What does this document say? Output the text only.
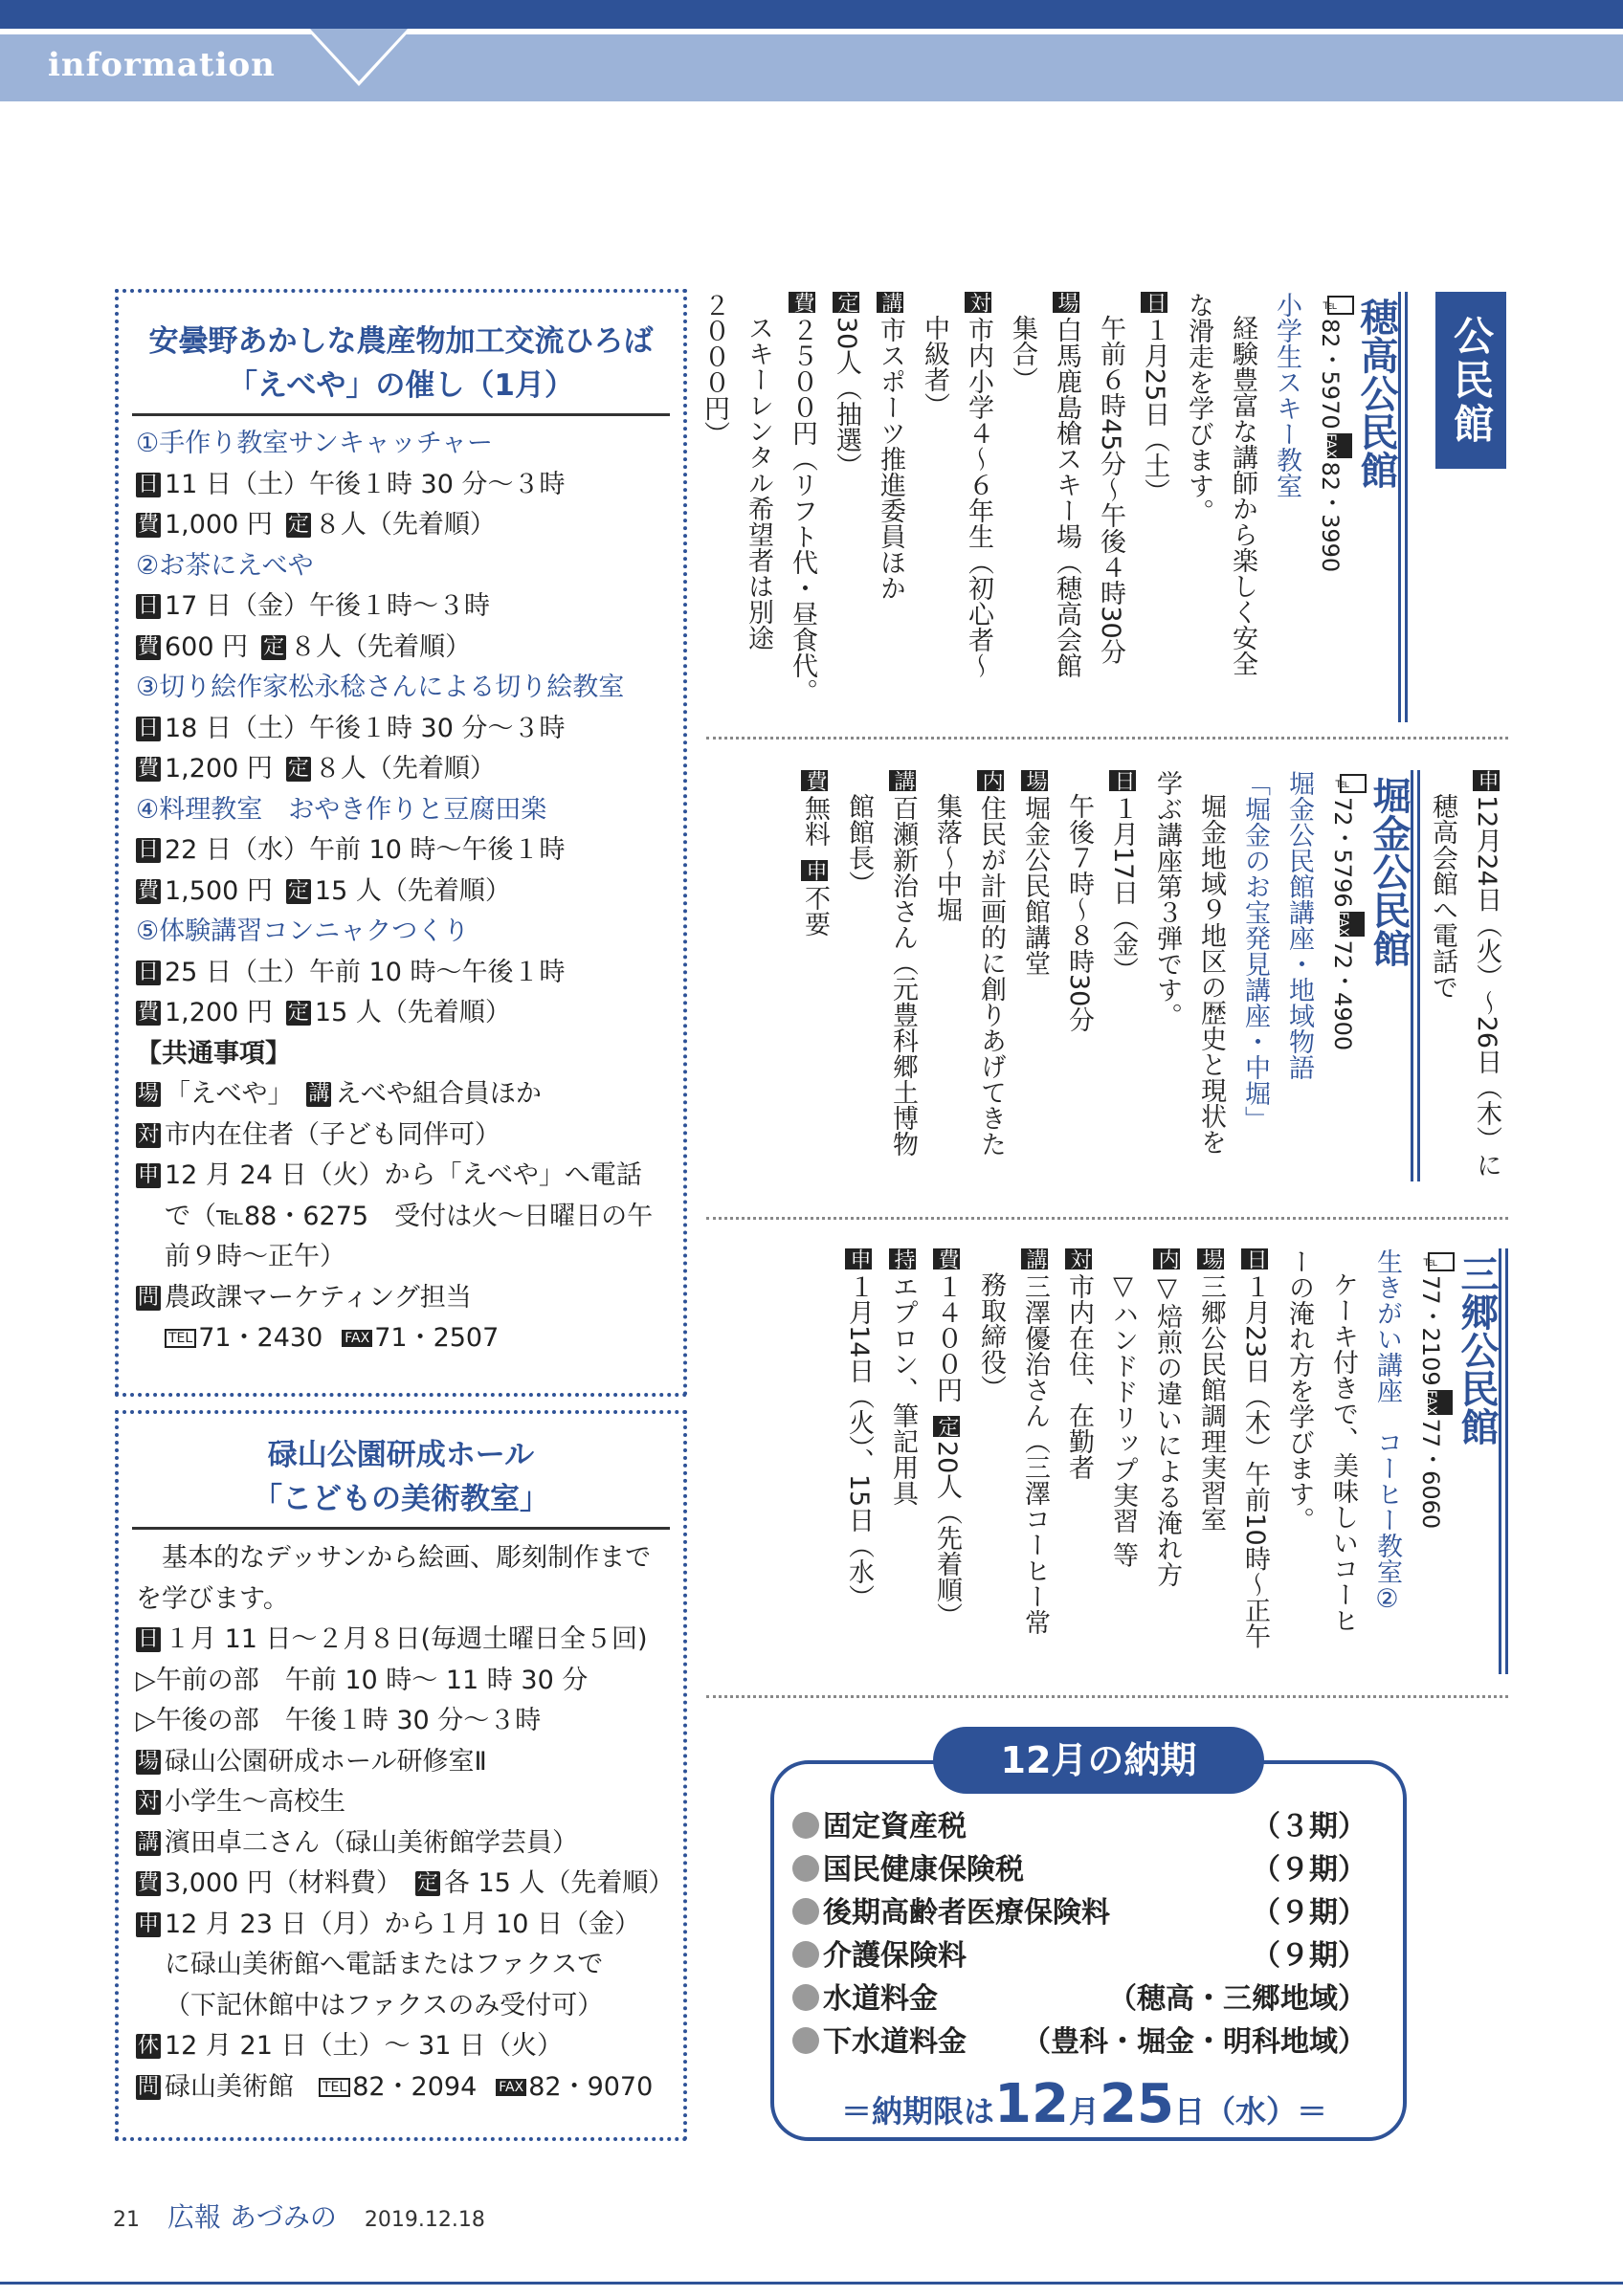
information
安曇野あかしな農産物加工交流ひろば
「えべや」の催し（1月）
①手作り教室サンキャッチャー
日 11 日（土）午後１時 30 分～３時
費 1,000 円 定 ８人（先着順）
②お茶にえべや
日 17 日（金）午後１時～３時
費 600 円 定 ８人（先着順）
③切り絵作家松永稔さんによる切り絵教室
日 18 日（土）午後１時 30 分～３時
費 1,200 円 定 ８人（先着順）
④料理教室　おやき作りと豆腐田楽
日 22 日（水）午前 10 時～午後１時
費 1,500 円 定 15 人（先着順）
⑤体験講習コンニャクつくり
日 25 日（土）午前 10 時～午後１時
費 1,200 円 定 15 人（先着順）
【共通事項】
場 「えべや」 講 えべや組合員ほか
対 市内在住者（子ども同伴可）
申 12 月 24 日（火）から「えべや」へ電話
で（℡88・6275　受付は火～日曜日の午
前９時～正午）
問 農政課マーケティング担当
TEL 71・2430 FAX 71・2507
碌山公園研成ホール
「こどもの美術教室」
基本的なデッサンから絵画、彫刻制作までを学びます。
日 １月 11 日～２月８日(毎週土曜日全５回)
▷午前の部　午前 10 時～ 11 時 30 分
▷午後の部　午後１時 30 分～３時
場 碌山公園研成ホール研修室Ⅱ
対 小学生～高校生
講 濱田卓二さん（碌山美術館学芸員）
費 3,000 円（材料費） 定 各 15 人（先着順）
申 12 月 23 日（月）から１月 10 日（金）
に碌山美術館へ電話またはファクスで
（下記休館中はファクスのみ受付可）
休 12 月 21 日（土）～ 31 日（火）
問 碌山美術館 TEL 82・2094 FAX 82・9070
公民館
穂高公民館
℡82・5970FAX82・3990
小学生スキー教室
経験豊富な講師から楽しく安全
な滑走を学びます。
日１月25日（土）
午前６時45分～午後４時30分
場白馬鹿島槍スキー場（穂高会館
集合）
対市内小学４～６年生（初心者～
中級者）
講市スポーツ推進委員ほか
定30人（抽選）
費２５００円（リフト代・昼食代。
スキーレンタル希望者は別途
２０００円）
申12月24日（火）～26日（木）に
穂高会館へ電話で
堀金公民館
℡72・5796FAX72・4900
堀金公民館講座・地域物語
「堀金のお宝発見講座・中堀」
堀金地域９地区の歴史と現状を
学ぶ講座第３弾です。
日１月17日（金）
午後７時～８時30分
場堀金公民館講堂
内住民が計画的に創りあげてきた
集落～中堀
講百瀬新治さん（元豊科郷土博物
館館長）
費無料申不要
三郷公民館
℡77・2109FAX77・6060
生きがい講座　コーヒー教室②
ケーキ付きで、美味しいコーヒ
ーの淹れ方を学びます。
日１月23日（木）午前10時～正午
場三郷公民館調理実習室
内▽焙煎の違いによる淹れ方
▽ハンドドリップ実習 等
対市内在住、在勤者
講三澤優治さん（三澤コーヒー常
務取締役）
費１４００円定20人（先着順）
持エプロン、筆記用具
申１月14日（火）、15日（水）
12月の納期
固定資産税	（３期）
国民健康保険税	（９期）
後期高齢者医療保険料	（９期）
介護保険料	（９期）
水道料金	（穂高・三郷地域）
下水道料金 （豊科・堀金・明科地域）
＝納期限は12月25日（水）＝
21 広報 あづみの 2019.12.18
